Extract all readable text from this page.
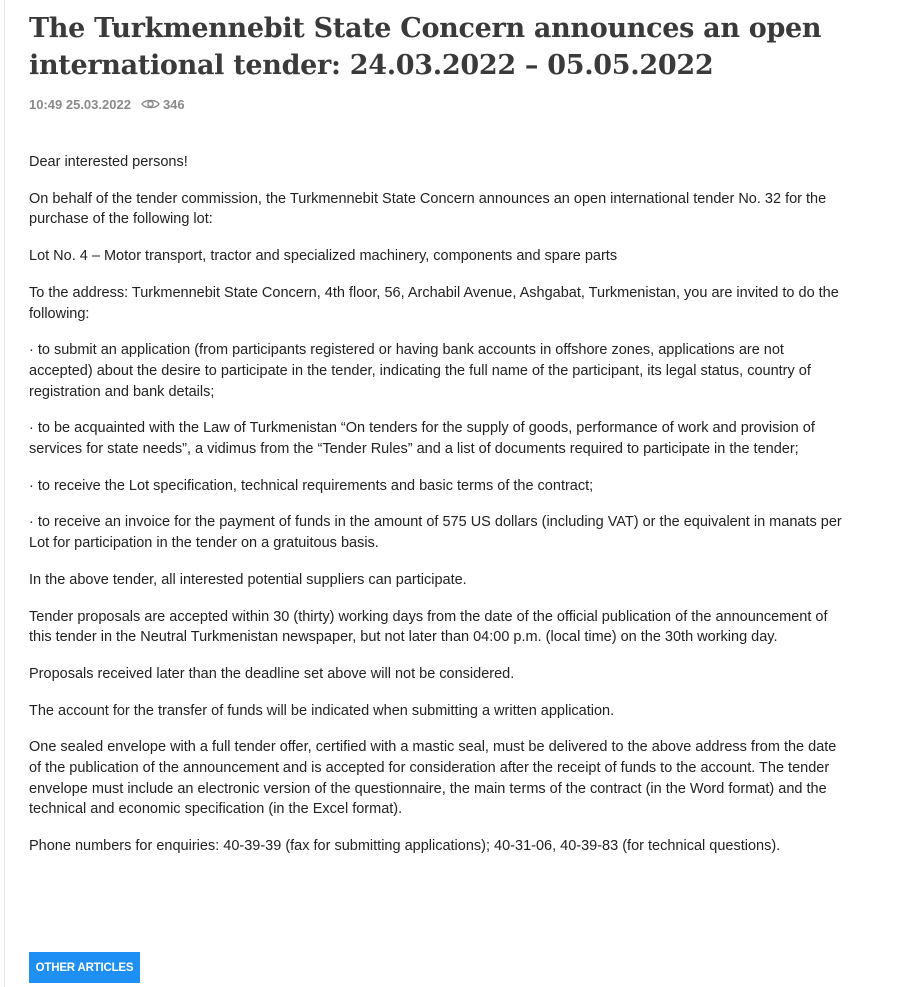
The Turkmennebit State Concern announces an open international tender: 24.03.2022 – 05.05.2022
10:49 25.03.2022 346

Dear interested persons!

On behalf of the tender commission, the Turkmennebit State Concern announces an open international tender No. 32 for the purchase of the following lot:

Lot No. 4 – Motor transport, tractor and specialized machinery, components and spare parts

To the address: Turkmennebit State Concern, 4th floor, 56, Archabil Avenue, Ashgabat, Turkmenistan, you are invited to do the following:

· to submit an application (from participants registered or having bank accounts in offshore zones, applications are not accepted) about the desire to participate in the tender, indicating the full name of the participant, its legal status, country of registration and bank details;

· to be acquainted with the Law of Turkmenistan “On tenders for the supply of goods, performance of work and provision of services for state needs”, a vidimus from the “Tender Rules” and a list of documents required to participate in the tender;

· to receive the Lot specification, technical requirements and basic terms of the contract;

· to receive an invoice for the payment of funds in the amount of 575 US dollars (including VAT) or the equivalent in manats per Lot for participation in the tender on a gratuitous basis.

In the above tender, all interested potential suppliers can participate.

Tender proposals are accepted within 30 (thirty) working days from the date of the official publication of the announcement of this tender in the Neutral Turkmenistan newspaper, but not later than 04:00 p.m. (local time) on the 30th working day.

Proposals received later than the deadline set above will not be considered.

The account for the transfer of funds will be indicated when submitting a written application.

One sealed envelope with a full tender offer, certified with a mastic seal, must be delivered to the above address from the date of the publication of the announcement and is accepted for consideration after the receipt of funds to the account. The tender envelope must include an electronic version of the questionnaire, the main terms of the contract (in the Word format) and the technical and economic specification (in the Excel format).

Phone numbers for enquiries: 40-39-39 (fax for submitting applications); 40-31-06, 40-39-83 (for technical questions).

OTHER ARTICLES
